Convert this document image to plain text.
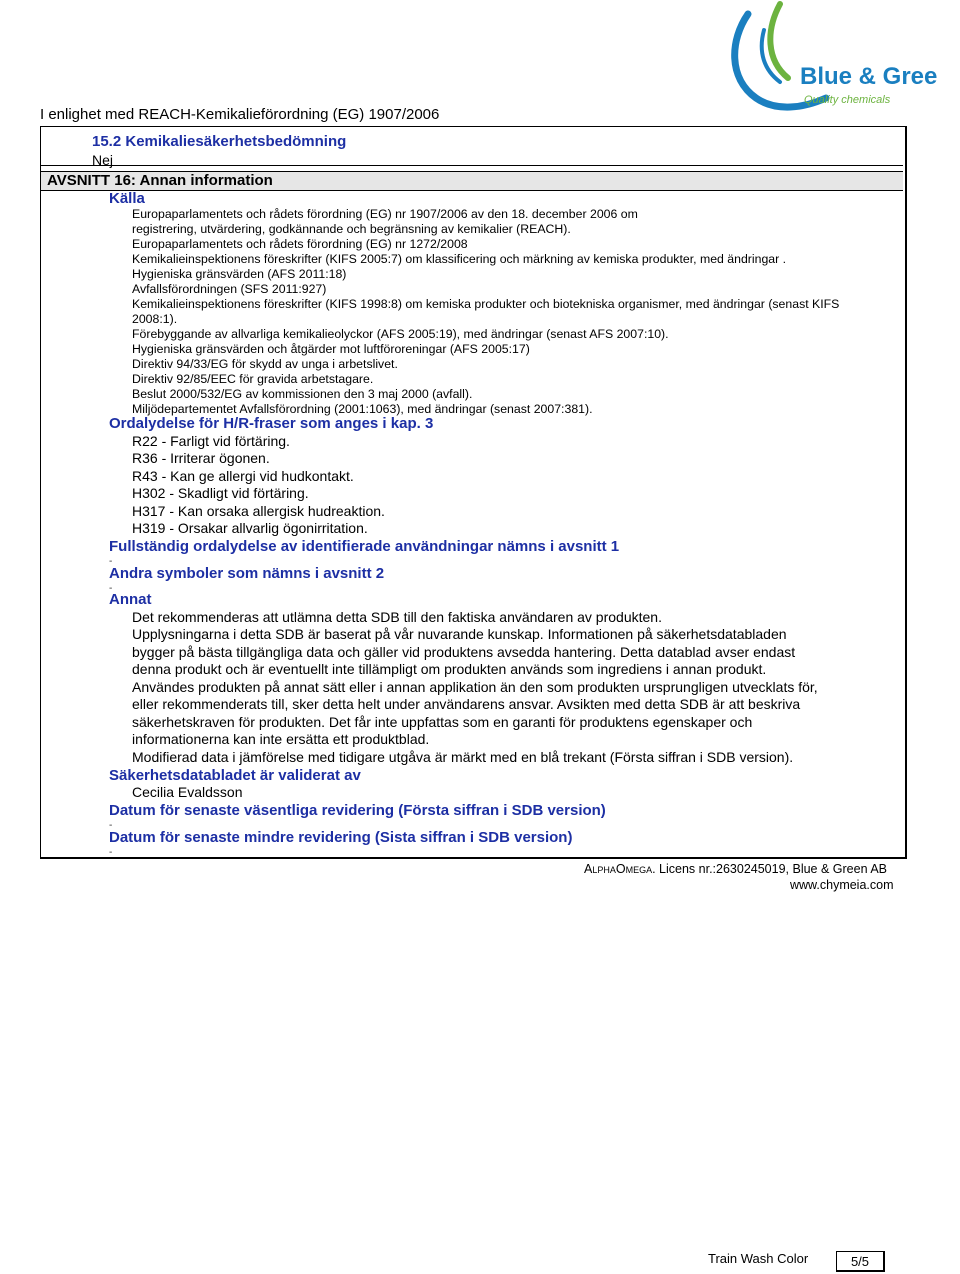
I enlighet med REACH-Kemikalieförordning (EG) 1907/2006
Blue & Green
Quality chemicals
15.2 Kemikaliesäkerhetsbedömning
Nej
AVSNITT 16: Annan information
Källa
Europaparlamentets och rådets förordning (EG) nr 1907/2006 av den 18. december 2006 om
registrering, utvärdering, godkännande och begränsning av kemikalier (REACH).
Europaparlamentets och rådets förordning (EG) nr 1272/2008
Kemikalieinspektionens föreskrifter (KIFS 2005:7) om klassificering och märkning av kemiska produkter, med ändringar .
Hygieniska gränsvärden (AFS 2011:18)
Avfallsförordningen (SFS 2011:927)
Kemikalieinspektionens föreskrifter (KIFS 1998:8) om kemiska produkter och biotekniska organismer, med ändringar (senast KIFS
2008:1).
Förebyggande av allvarliga kemikalieolyckor (AFS 2005:19), med ändringar (senast AFS 2007:10).
Hygieniska gränsvärden och åtgärder mot luftföroreningar (AFS 2005:17)
Direktiv 94/33/EG för skydd av unga i arbetslivet.
Direktiv 92/85/EEC för gravida arbetstagare.
Beslut 2000/532/EG av kommissionen den 3 maj 2000 (avfall).
Miljödepartementet Avfallsförordning (2001:1063), med ändringar (senast 2007:381).
Ordalydelse för H/R-fraser som anges i kap. 3
R22 - Farligt vid förtäring.
R36 - Irriterar ögonen.
R43 - Kan ge allergi vid hudkontakt.
H302 - Skadligt vid förtäring.
H317 - Kan orsaka allergisk hudreaktion.
H319 - Orsakar allvarlig ögonirritation.
Fullständig ordalydelse av identifierade användningar nämns i avsnitt 1
-
Andra symboler som nämns i avsnitt 2
-
Annat
Det rekommenderas att utlämna detta SDB till den faktiska användaren av produkten.
Upplysningarna i detta SDB är baserat på vår nuvarande kunskap. Informationen på säkerhetsdatabladen
bygger på bästa tillgängliga data och gäller vid produktens avsedda hantering. Detta datablad avser endast
denna produkt och är eventuellt inte tillämpligt om produkten används som ingrediens i annan produkt.
Användes produkten på annat sätt eller i annan applikation än den som produkten ursprungligen utvecklats för,
eller rekommenderats till, sker detta helt under användarens ansvar. Avsikten med detta SDB är att beskriva
säkerhetskraven för produkten. Det får inte uppfattas som en garanti för produktens egenskaper och
informationerna kan inte ersätta ett produktblad.
Modifierad data i jämförelse med tidigare utgåva är märkt med en blå trekant (Första siffran i SDB version).
Säkerhetsdatabladet är validerat av
Cecilia Evaldsson
Datum för senaste väsentliga revidering (Första siffran i SDB version)
-
Datum för senaste mindre revidering (Sista siffran i SDB version)
-
AlphaOmega. Licens nr.:2630245019, Blue & Green AB
www.chymeia.com
Train Wash Color	5/5
